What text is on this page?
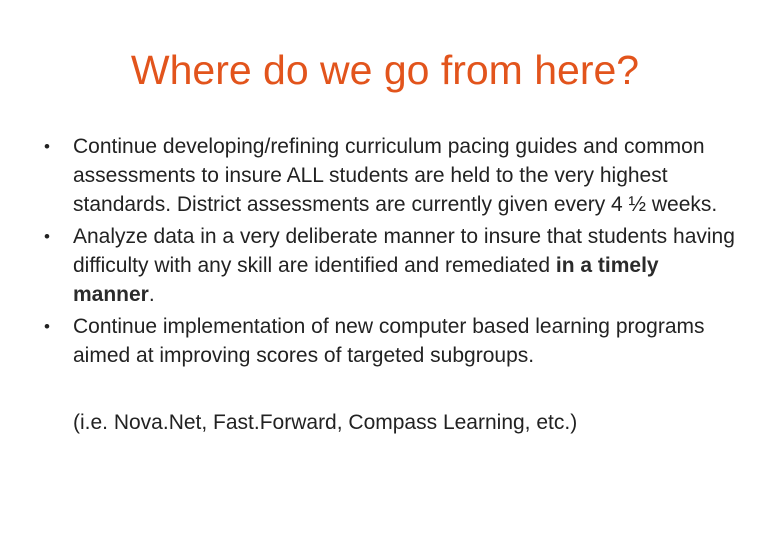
Where do we go from here?
• Continue developing/refining curriculum pacing guides and common assessments to insure ALL students are held to the very highest standards. District assessments are currently given every 4 ½ weeks.
• Analyze data in a very deliberate manner to insure that students having difficulty with any skill are identified and remediated in a timely manner.
• Continue implementation of new computer based learning programs aimed at improving scores of targeted subgroups.

(i.e. Nova.Net, Fast.Forward, Compass Learning, etc.)
